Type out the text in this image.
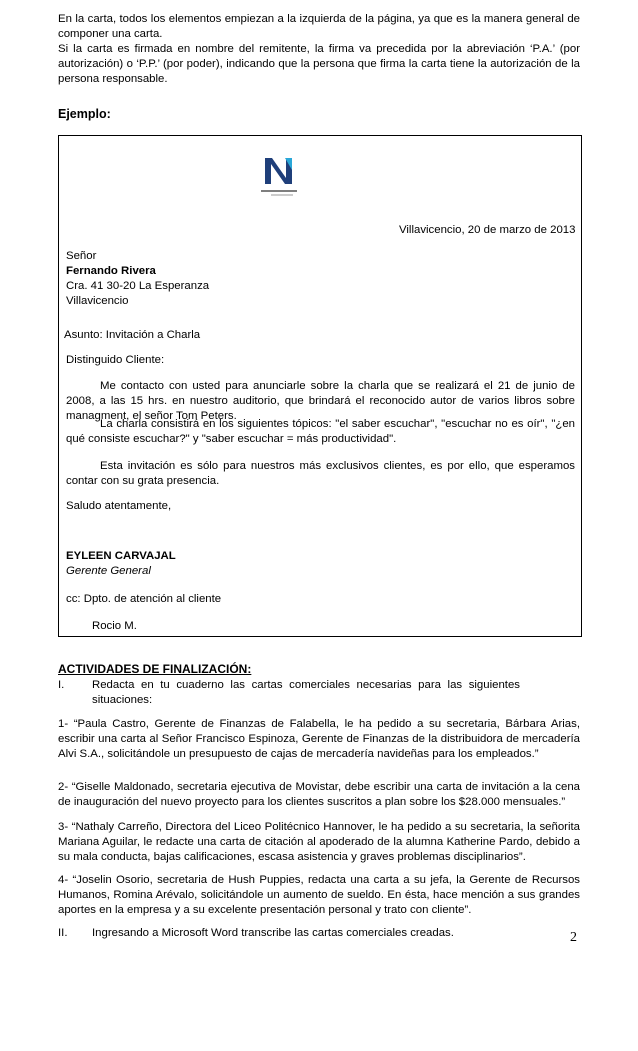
En la carta, todos los elementos empiezan a la izquierda de la página, ya que es la manera general de componer una carta.

Si la carta es firmada en nombre del remitente, la firma va precedida por la abreviación ‘P.A.’ (por autorización) o ‘P.P.’ (por poder), indicando que la persona que firma la carta tiene la autorización de la persona responsable.

Ejemplo:
Villavicencio, 20 de marzo de 2013
Señor
Fernando Rivera
Cra. 41 30-20 La Esperanza
Villavicencio
Asunto: Invitación a Charla
Distinguido Cliente:
Me contacto con usted para anunciarle sobre la charla que se realizará el 21 de junio de 2008, a las 15 hrs. en nuestro auditorio, que brindará el reconocido autor de varios libros sobre managment, el señor Tom Peters.
La charla consistirá en los siguientes tópicos: "el saber escuchar", "escuchar no es oír", "¿en qué consiste escuchar?" y "saber escuchar = más productividad".
Esta invitación es sólo para nuestros más exclusivos clientes, es por ello, que esperamos contar con su grata presencia.
Saludo atentamente,
EYLEEN CARVAJAL
Gerente General
cc: Dpto. de atención al cliente
Rocio M.
ACTIVIDADES DE FINALIZACIÓN:
I. Redacta en tu cuaderno las cartas comerciales necesarias para las siguientes situaciones:
1- “Paula Castro, Gerente de Finanzas de Falabella, le ha pedido a su secretaria, Bárbara Arias, escribir una carta al Señor Francisco Espinoza, Gerente de Finanzas de la distribuidora de mercadería Alvi S.A., solicitándole un presupuesto de cajas de mercadería navideñas para los empleados.”
2- “Giselle Maldonado, secretaria ejecutiva de Movistar, debe escribir una carta de invitación a la cena de inauguración del nuevo proyecto para los clientes suscritos a plan sobre los $28.000 mensuales.”
3- “Nathaly Carreño, Directora del Liceo Politécnico Hannover, le ha pedido a su secretaria, la señorita Mariana Aguilar, le redacte una carta de citación al apoderado de la alumna Katherine Pardo, debido a su mala conducta, bajas calificaciones, escasa asistencia y graves problemas disciplinarios”.
4- “Joselin Osorio, secretaria de Hush Puppies, redacta una carta a su jefa, la Gerente de Recursos Humanos, Romina Arévalo, solicitándole un aumento de sueldo. En ésta, hace mención a sus grandes aportes en la empresa y a su excelente presentación personal y trato con cliente”.
II. Ingresando a Microsoft Word transcribe las cartas comerciales creadas.	2
